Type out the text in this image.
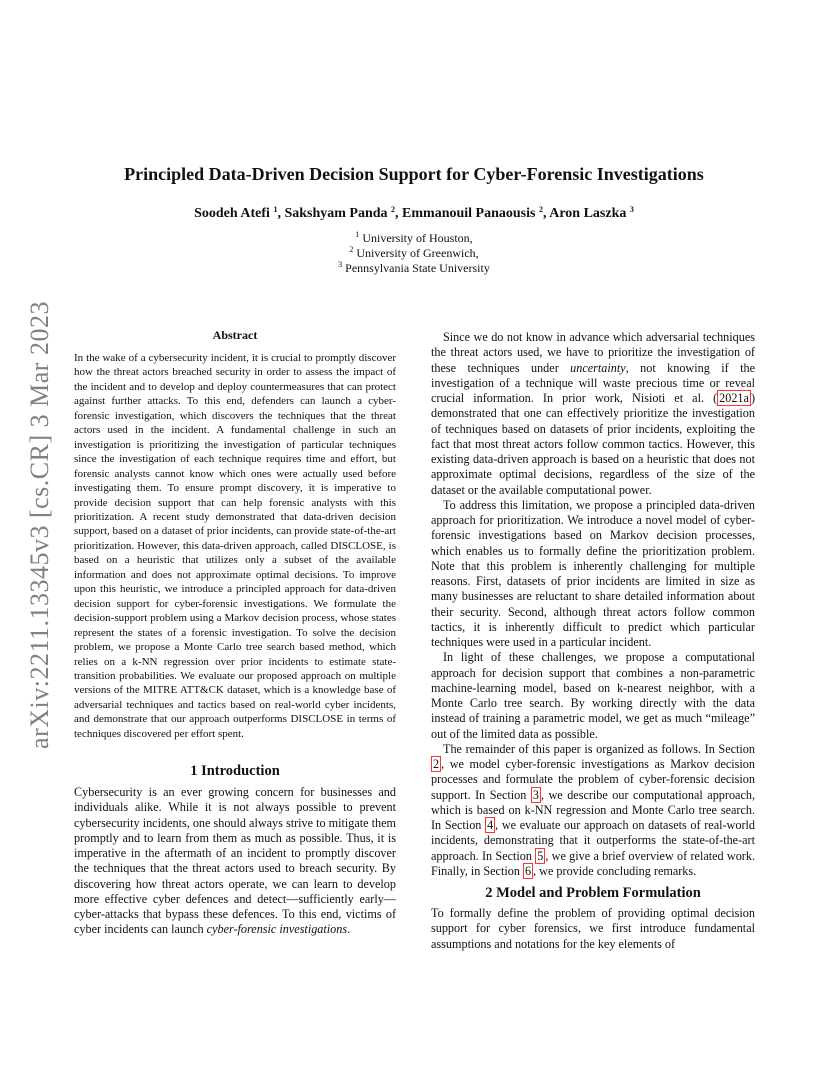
arXiv:2211.13345v3 [cs.CR] 3 Mar 2023
Principled Data-Driven Decision Support for Cyber-Forensic Investigations
Soodeh Atefi $^1$, Sakshyam Panda $^2$, Emmanouil Panaousis $^2$, Aron Laszka $^3$
$^1$ University of Houston,
$^2$ University of Greenwich,
$^3$ Pennsylvania State University
Abstract

In the wake of a cybersecurity incident, it is crucial to promptly discover how the threat actors breached security in order to assess the impact of the incident and to develop and deploy countermeasures that can protect against further attacks. To this end, defenders can launch a cyber-forensic investigation, which discovers the techniques that the threat actors used in the incident. A fundamental challenge in such an investigation is prioritizing the investigation of particular techniques since the investigation of each technique requires time and effort, but forensic analysts cannot know which ones were actually used before investigating them. To ensure prompt discovery, it is imperative to provide decision support that can help forensic analysts with this prioritization. A recent study demonstrated that data-driven decision support, based on a dataset of prior incidents, can provide state-of-the-art prioritization. However, this data-driven approach, called DISCLOSE, is based on a heuristic that utilizes only a subset of the available information and does not approximate optimal decisions. To improve upon this heuristic, we introduce a principled approach for data-driven decision support for cyber-forensic investigations. We formulate the decision-support problem using a Markov decision process, whose states represent the states of a forensic investigation. To solve the decision problem, we propose a Monte Carlo tree search based method, which relies on a k-NN regression over prior incidents to estimate state-transition probabilities. We evaluate our proposed approach on multiple versions of the MITRE ATT&CK dataset, which is a knowledge base of adversarial techniques and tactics based on real-world cyber incidents, and demonstrate that our approach outperforms DISCLOSE in terms of techniques discovered per effort spent.

1 Introduction

Cybersecurity is an ever growing concern for businesses and individuals alike. While it is not always possible to prevent cybersecurity incidents, one should always strive to mitigate them promptly and to learn from them as much as possible. Thus, it is imperative in the aftermath of an incident to promptly discover the techniques that the threat actors used to breach security. By discovering how threat actors operate, we can learn to develop more effective cyber defences and detect—sufficiently early—cyber-attacks that bypass these defences. To this end, victims of cyber incidents can launch cyber-forensic investigations.

Since we do not know in advance which adversarial techniques the threat actors used, we have to prioritize the investigation of these techniques under uncertainty, not knowing if the investigation of a technique will waste precious time or reveal crucial information. In prior work, Nisioti et al. ( 2021a ) demonstrated that one can effectively prioritize the investigation of techniques based on datasets of prior incidents, exploiting the fact that most threat actors follow common tactics. However, this existing data-driven approach is based on a heuristic that does not approximate optimal decisions, regardless of the size of the dataset or the available computational power.

To address this limitation, we propose a principled data-driven approach for prioritization. We introduce a novel model of cyber-forensic investigations based on Markov decision processes, which enables us to formally define the prioritization problem. Note that this problem is inherently challenging for multiple reasons. First, datasets of prior incidents are limited in size as many businesses are reluctant to share detailed information about their security. Second, although threat actors follow common tactics, it is inherently difficult to predict which particular techniques were used in a particular incident.

In light of these challenges, we propose a computational approach for decision support that combines a non-parametric machine-learning model, based on k-nearest neighbor, with a Monte Carlo tree search. By working directly with the data instead of training a parametric model, we get as much “mileage” out of the limited data as possible.

The remainder of this paper is organized as follows. In Section 2 , we model cyber-forensic investigations as Markov decision processes and formulate the problem of cyber-forensic decision support. In Section 3 , we describe our computational approach, which is based on k-NN regression and Monte Carlo tree search. In Section 4 , we evaluate our approach on datasets of real-world incidents, demonstrating that it outperforms the state-of-the-art approach. In Section 5 , we give a brief overview of related work. Finally, in Section 6 , we provide concluding remarks.

2 Model and Problem Formulation

To formally define the problem of providing optimal decision support for cyber forensics, we first introduce fundamental assumptions and notations for the key elements of
